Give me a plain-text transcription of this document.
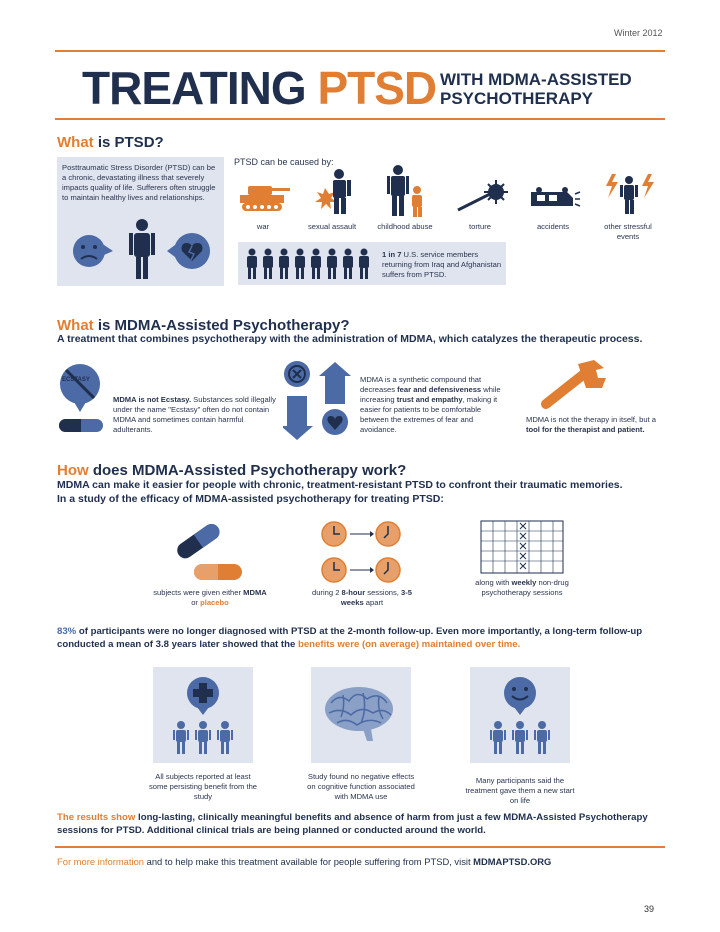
Winter 2012
TREATING PTSD WITH MDMA-ASSISTED
PSYCHOTHERAPY
What is PTSD?
Posttraumatic Stress Disorder (PTSD) can be a chronic, devastating illness that severely impacts quality of life. Sufferers often struggle to maintain healthy lives and relationships.
PTSD can be caused by:
war	sexual assault	childhood abuse	torture	accidents	other stressful events
1 in 7 U.S. service members returning from Iraq and Afghanistan suffers from PTSD.
What is MDMA-Assisted Psychotherapy?
A treatment that combines psychotherapy with the administration of MDMA, which catalyzes the therapeutic process.
ECSTASY
MDMA is not Ecstasy. Substances sold illegally under the name "Ecstasy" often do not contain MDMA and sometimes contain harmful adulterants.
MDMA is a synthetic compound that decreases fear and defensiveness while increasing trust and empathy, making it easier for patients to be comfortable between the extremes of fear and avoidance.
MDMA is not the therapy in itself, but a tool for the therapist and patient.
How does MDMA-Assisted Psychotherapy work?
MDMA can make it easier for people with chronic, treatment-resistant PTSD to confront their traumatic memories.
In a study of the efficacy of MDMA-assisted psychotherapy for treating PTSD:
subjects were given either MDMA or placebo
during 2 8-hour sessions, 3-5 weeks apart
along with weekly non-drug psychotherapy sessions
83% of participants were no longer diagnosed with PTSD at the 2-month follow-up. Even more importantly, a long-term follow-up conducted a mean of 3.8 years later showed that the benefits were (on average) maintained over time.
All subjects reported at least some persisting benefit from the study
Study found no negative effects on cognitive function associated with MDMA use
Many participants said the treatment gave them a new start on life
The results show long-lasting, clinically meaningful benefits and absence of harm from just a few MDMA-Assisted Psychotherapy sessions for PTSD. Additional clinical trials are being planned or conducted around the world.
For more information and to help make this treatment available for people suffering from PTSD, visit MDMAPTSD.ORG
39
